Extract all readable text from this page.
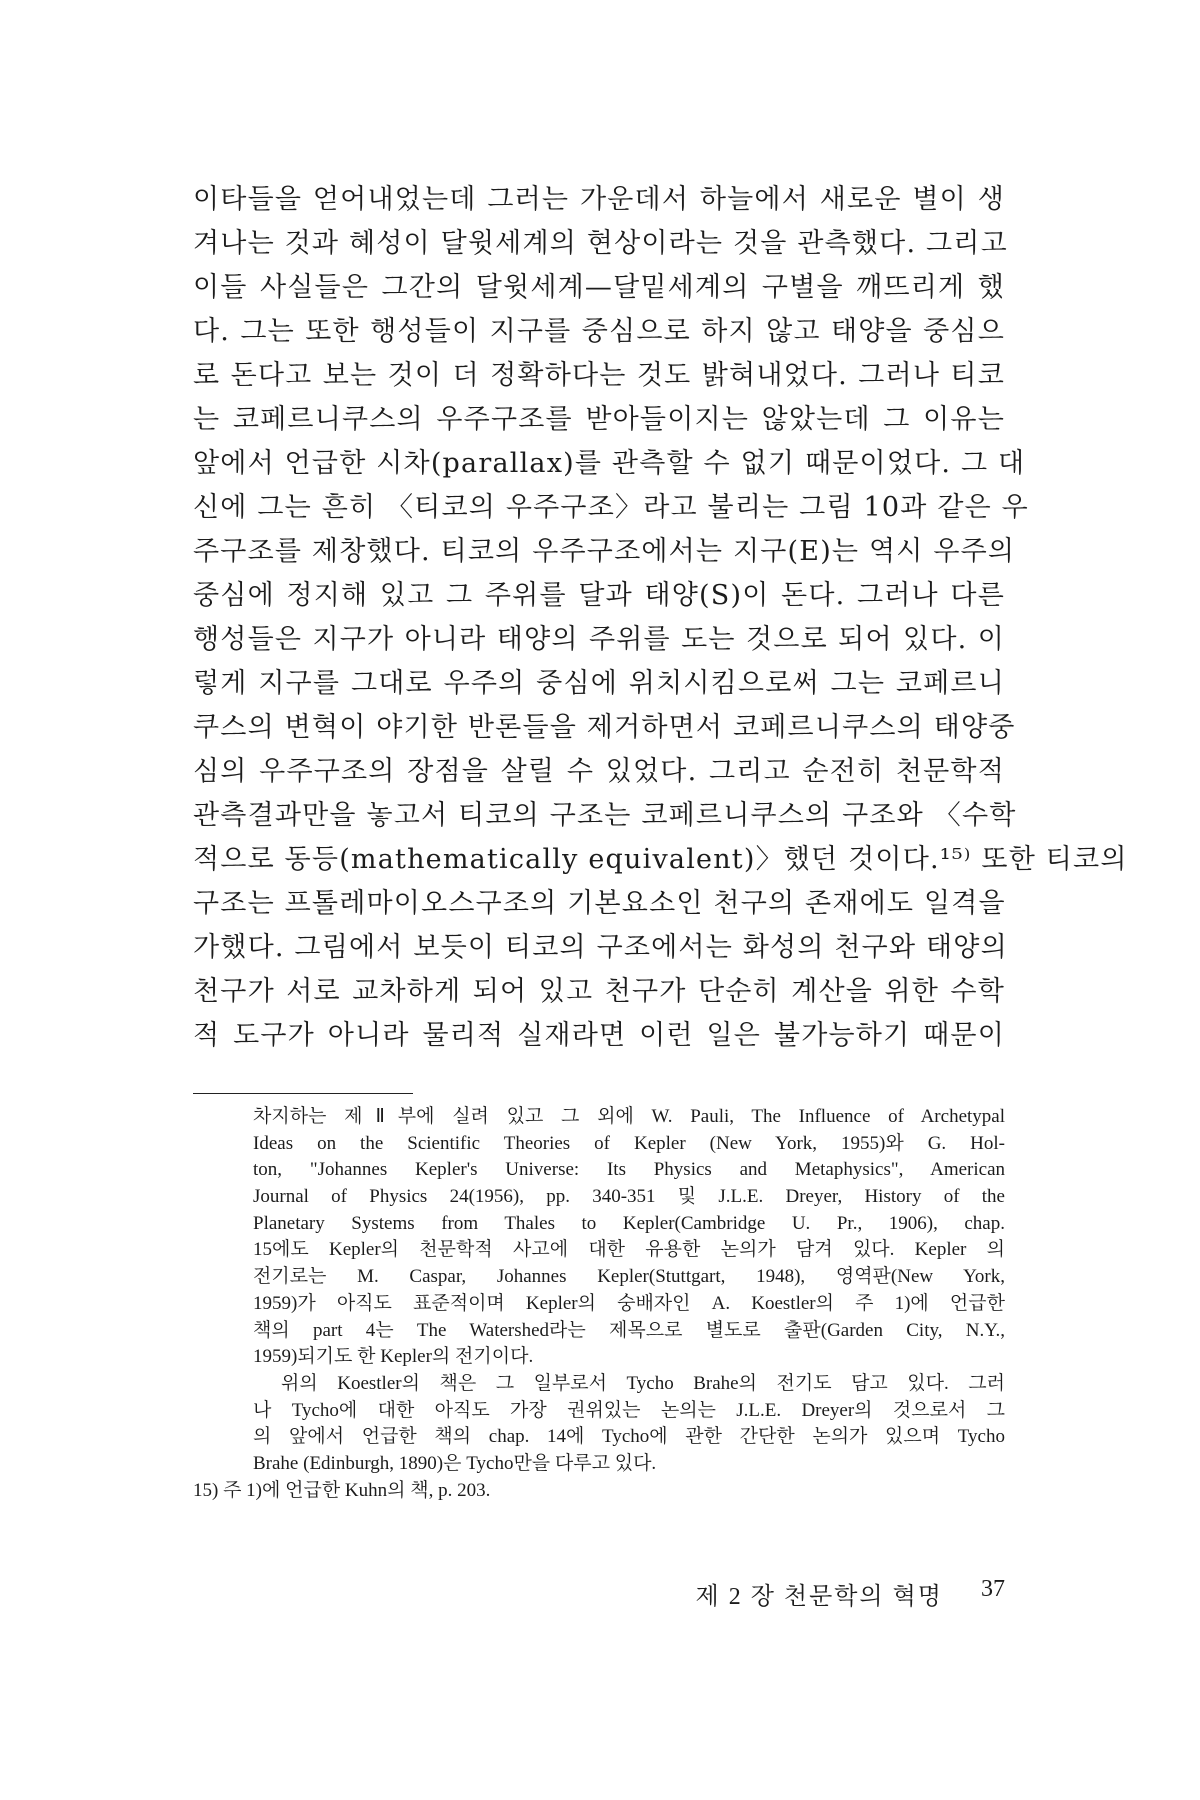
이타들을 얻어내었는데 그러는 가운데서 하늘에서 새로운 별이 생
겨나는 것과 혜성이 달윗세계의 현상이라는 것을 관측했다. 그리고
이들 사실들은 그간의 달윗세계—달밑세계의 구별을 깨뜨리게 했
다. 그는 또한 행성들이 지구를 중심으로 하지 않고 태양을 중심으
로 돈다고 보는 것이 더 정확하다는 것도 밝혀내었다. 그러나 티코
는 코페르니쿠스의 우주구조를 받아들이지는 않았는데 그 이유는
앞에서 언급한 시차(parallax)를 관측할 수 없기 때문이었다. 그 대
신에 그는 흔히 〈티코의 우주구조〉라고 불리는 그림 10과 같은 우
주구조를 제창했다. 티코의 우주구조에서는 지구(E)는 역시 우주의
중심에 정지해 있고 그 주위를 달과 태양(S)이 돈다. 그러나 다른
행성들은 지구가 아니라 태양의 주위를 도는 것으로 되어 있다. 이
렇게 지구를 그대로 우주의 중심에 위치시킴으로써 그는 코페르니
쿠스의 변혁이 야기한 반론들을 제거하면서 코페르니쿠스의 태양중
심의 우주구조의 장점을 살릴 수 있었다. 그리고 순전히 천문학적
관측결과만을 놓고서 티코의 구조는 코페르니쿠스의 구조와 〈수학
적으로 동등(mathematically equivalent)〉했던 것이다.¹⁵⁾ 또한 티코의
구조는 프톨레마이오스구조의 기본요소인 천구의 존재에도 일격을
가했다. 그림에서 보듯이 티코의 구조에서는 화성의 천구와 태양의
천구가 서로 교차하게 되어 있고 천구가 단순히 계산을 위한 수학
적 도구가 아니라 물리적 실재라면 이런 일은 불가능하기 때문이
차지하는 제Ⅱ부에 실려 있고 그 외에 W. Pauli, The Influence of Archetypal
Ideas on the Scientific Theories of Kepler (New York, 1955)와 G. Hol-
ton, "Johannes Kepler's Universe: Its Physics and Metaphysics", American
Journal of Physics 24(1956), pp. 340-351 및 J.L.E. Dreyer, History of the
Planetary Systems from Thales to Kepler(Cambridge U. Pr., 1906), chap.
15에도 Kepler의 천문학적 사고에 대한 유용한 논의가 담겨 있다. Kepler 의
전기로는 M. Caspar, Johannes Kepler(Stuttgart, 1948), 영역판(New York,
1959)가 아직도 표준적이며 Kepler의 숭배자인 A. Koestler의 주 1)에 언급한
책의 part 4는 The Watershed라는 제목으로 별도로 출판(Garden City, N.Y.,
1959)되기도 한 Kepler의 전기이다.
위의 Koestler의 책은 그 일부로서 Tycho Brahe의 전기도 담고 있다. 그러
나 Tycho에 대한 아직도 가장 권위있는 논의는 J.L.E. Dreyer의 것으로서 그
의 앞에서 언급한 책의 chap. 14에 Tycho에 관한 간단한 논의가 있으며 Tycho
Brahe (Edinburgh, 1890)은 Tycho만을 다루고 있다.
15) 주 1)에 언급한 Kuhn의 책, p. 203.
제 2 장 천문학의 혁명 37
